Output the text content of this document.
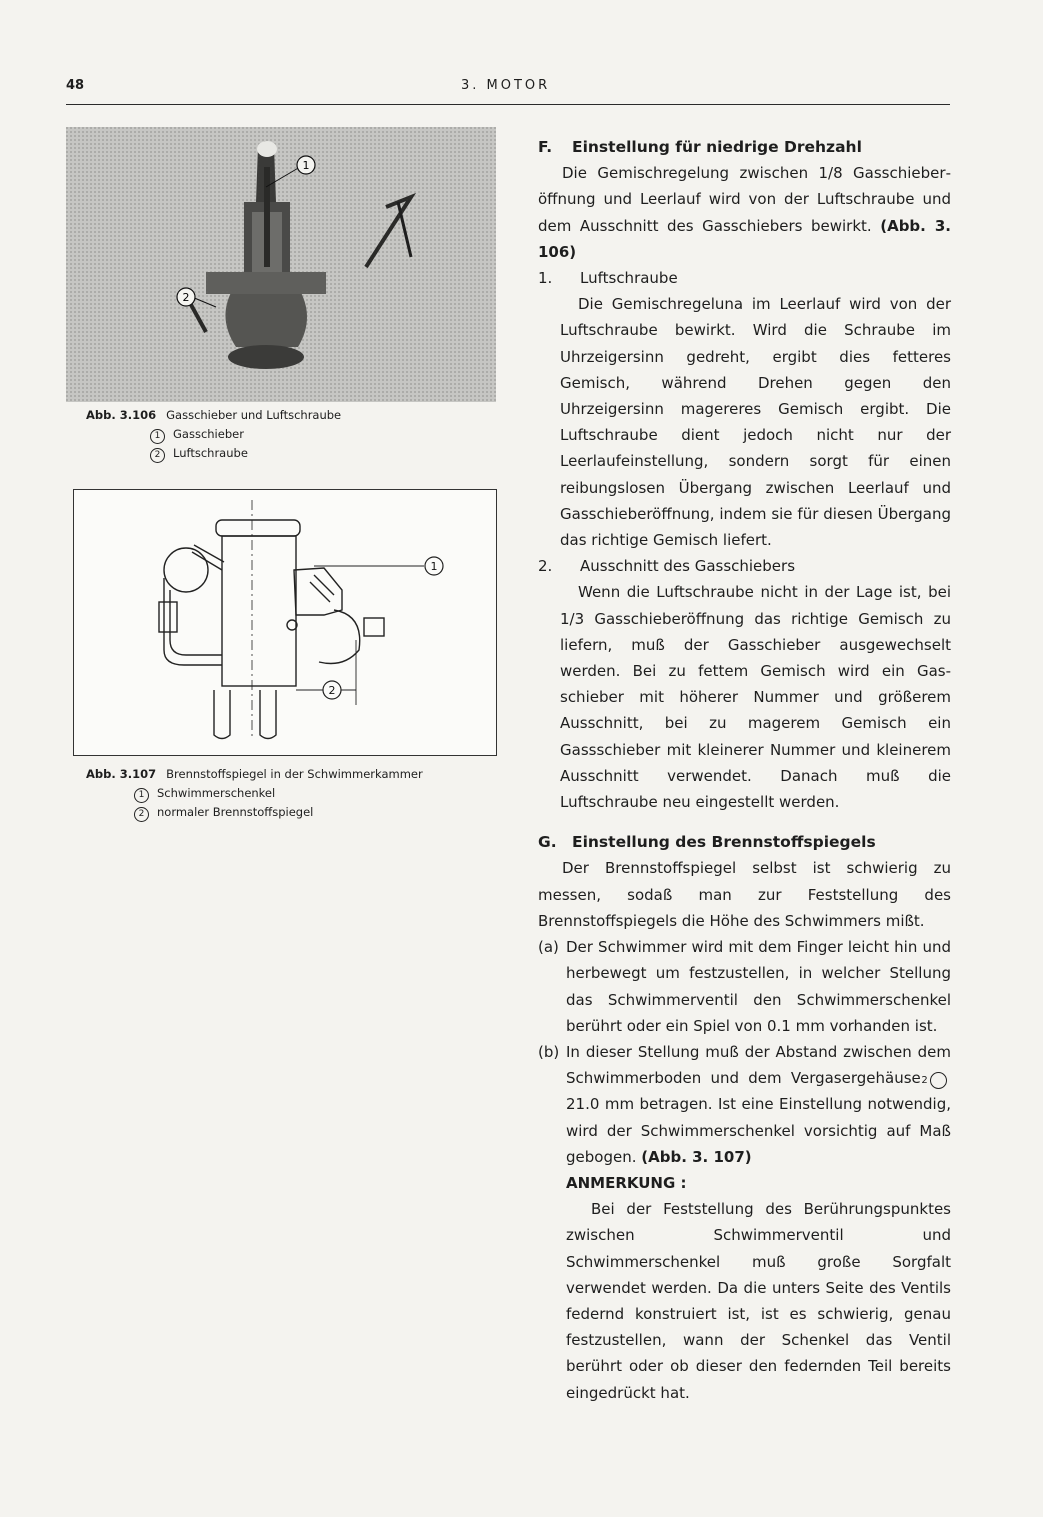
48	3. MOTOR
1
2
Abb. 3.106 Gasschieber und Luftschraube
1 Gasschieber
2 Luftschraube
1
2
Abb. 3.107 Brennstoffspiegel in der Schwimmerkammer
1 Schwimmerschenkel
2 normaler Brennstoffspiegel

F. Einstellung für niedrige Drehzahl

Die Gemischregelung zwischen 1/8 Gasschieberöffnung und Leerlauf wird von der Luftschraube und dem Ausschnitt des Gasschiebers bewirkt. (Abb. 3. 106)

1. Luftschraube

Die Gemischregeluna im Leerlauf wird von der Luftschraube bewirkt. Wird die Schraube im Uhrzeigersinn gedreht, ergibt dies fetteres Gemisch, während Drehen gegen den Uhrzeigersinn magereres Gemisch ergibt. Die Luftschraube dient jedoch nicht nur der Leerlaufeinstellung, sondern sorgt für einen reibungslosen Übergang zwischen Leerlauf und Gasschieberöffnung, indem sie für diesen Übergang das richtige Gemisch liefert.

2. Ausschnitt des Gasschiebers

Wenn die Luftschraube nicht in der Lage ist, bei 1/3 Gasschieberöffnung das richtige Gemisch zu liefern, muß der Gasschieber ausgewechselt werden. Bei zu fettem Gemisch wird ein Gasschieber mit höherer Nummer und größerem Ausschnitt, bei zu magerem Gemisch ein Gassschieber mit kleinerer Nummer und kleinerem Ausschnitt verwendet. Danach muß die Luftschraube neu eingestellt werden.

G. Einstellung des Brennstoffspiegels

Der Brennstoffspiegel selbst ist schwierig zu messen, sodaß man zur Feststellung des Brennstoffspiegels die Höhe des Schwimmers mißt.

(a) Der Schwimmer wird mit dem Finger leicht hin und herbewegt um festzustellen, in welcher Stellung das Schwimmerventil den Schwimmerschenkel berührt oder ein Spiel von 0.1 mm vorhanden ist.

(b) In dieser Stellung muß der Abstand zwischen dem Schwimmerboden und dem Vergasergehäuse 221.0 mm betragen. Ist eine Einstellung notwendig, wird der Schwimmerschenkel vorsichtig auf Maß gebogen. (Abb. 3. 107)

ANMERKUNG :

Bei der Feststellung des Berührungspunktes zwischen Schwimmerventil und Schwimmerschenkel muß große Sorgfalt verwendet werden. Da die unters Seite des Ventils federnd konstruiert ist, ist es schwierig, genau festzustellen, wann der Schenkel das Ventil berührt oder ob dieser den federnden Teil bereits eingedrückt hat.
